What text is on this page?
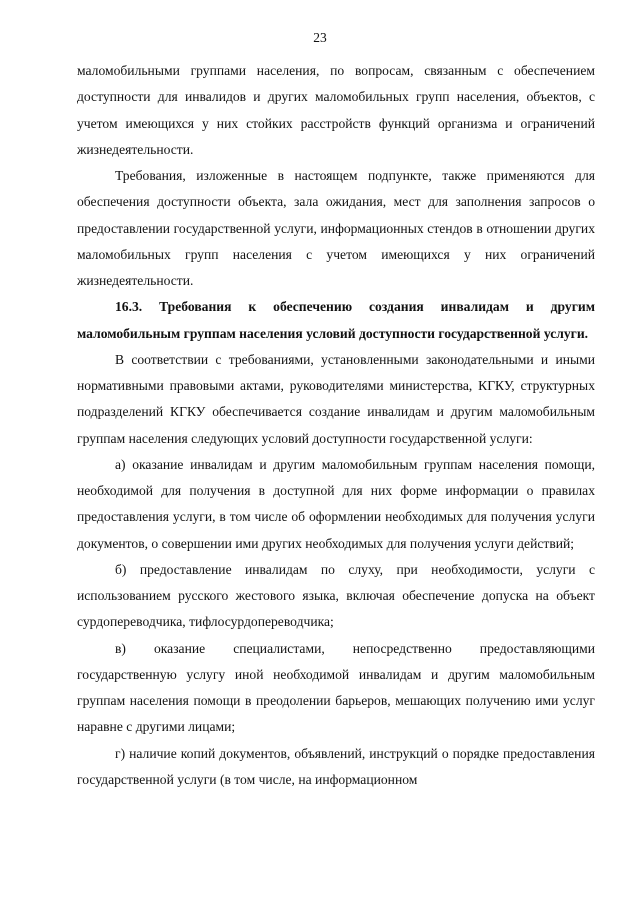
23

маломобильными группами населения, по вопросам, связанным с обеспечением доступности для инвалидов и других маломобильных групп населения, объектов, с учетом имеющихся у них стойких расстройств функций организма и ограничений жизнедеятельности.

Требования, изложенные в настоящем подпункте, также применяются для обеспечения доступности объекта, зала ожидания, мест для заполнения запросов о предоставлении государственной услуги, информационных стендов в отношении других маломобильных групп населения с учетом имеющихся у них ограничений жизнедеятельности.

16.3. Требования к обеспечению создания инвалидам и другим маломобильным группам населения условий доступности государственной услуги.

В соответствии с требованиями, установленными законодательными и иными нормативными правовыми актами, руководителями министерства, КГКУ, структурных подразделений КГКУ обеспечивается создание инвалидам и другим маломобильным группам населения следующих условий доступности государственной услуги:

а) оказание инвалидам и другим маломобильным группам населения помощи, необходимой для получения в доступной для них форме информации о правилах предоставления услуги, в том числе об оформлении необходимых для получения услуги документов, о совершении ими других необходимых для получения услуги действий;

б) предоставление инвалидам по слуху, при необходимости, услуги с использованием русского жестового языка, включая обеспечение допуска на объект сурдопереводчика, тифлосурдопереводчика;

в) оказание специалистами, непосредственно предоставляющими государственную услугу иной необходимой инвалидам и другим маломобильным группам населения помощи в преодолении барьеров, мешающих получению ими услуг наравне с другими лицами;

г) наличие копий документов, объявлений, инструкций о порядке предоставления государственной услуги (в том числе, на информационном
